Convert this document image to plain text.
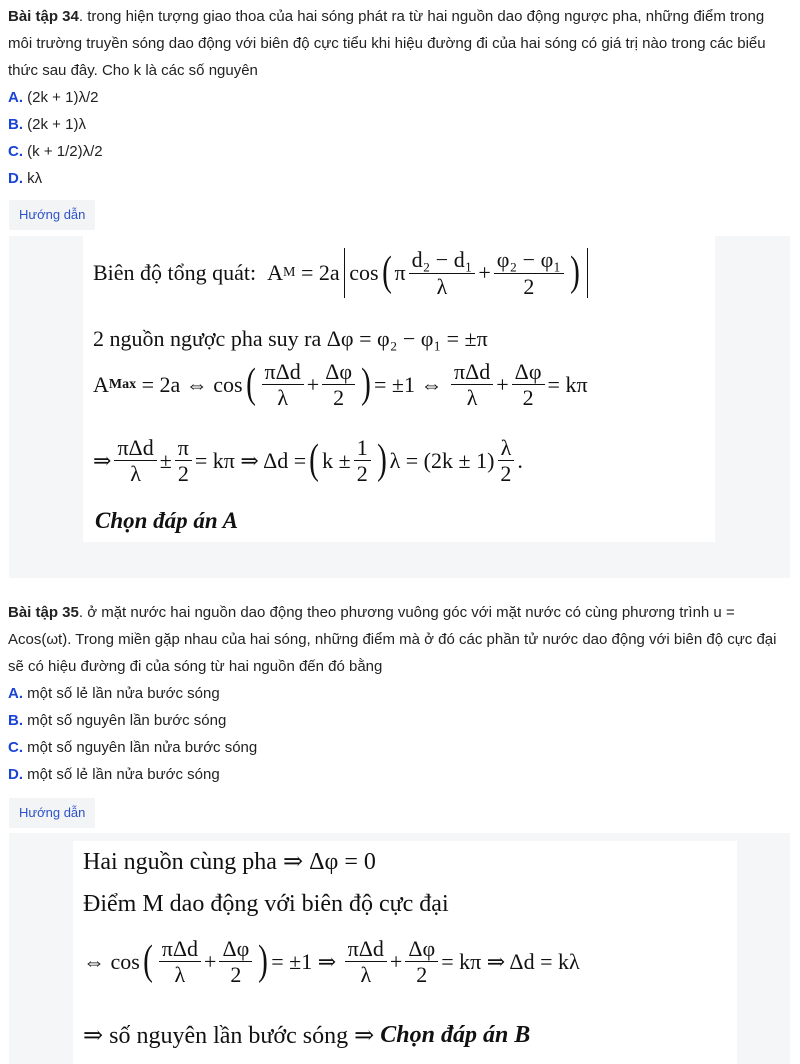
Bài tập 34. trong hiện tượng giao thoa của hai sóng phát ra từ hai nguồn dao động ngược pha, những điểm trong môi trường truyền sóng dao động với biên độ cực tiểu khi hiệu đường đi của hai sóng có giá trị nào trong các biểu thức sau đây. Cho k là các số nguyên

A. (2k + 1)λ/2

B. (2k + 1)λ

C. (k + 1/2)λ/2

D. kλ

Hướng dẫn
Biên độ tổng quát:
A M
= 2a cos ( π $\frac{\text{d₂ − d₁}}{\lambda} + \frac{\text{φ₂ − φ₁}}{2}$ )
2 nguồn ngược pha suy ra Δφ = φ₂ − φ₁ = ±π
A Max
= 2a ⇔ cos ( $\frac{\text{πΔd}}{\lambda} + \frac{\Delta\varphi}{2}$ ) = ±1 ⇔
$\frac{\text{πΔd}}{\lambda} + \frac{\Delta\varphi}{2} = k\pi$
⇒ $\frac{\text{πΔd}}{\lambda} \pm \frac{\pi}{2} = k\pi$ ⇒ Δd = ( $k \pm \frac{1}{2}$ ) $\lambda = (2k \pm 1) \frac{\lambda}{2}$ .
Chọn đáp án A

Bài tập 35. ở mặt nước hai nguồn dao động theo phương vuông góc với mặt nước có cùng phương trình u = Acos(ωt). Trong miền gặp nhau của hai sóng, những điểm mà ở đó các phần tử nước dao động với biên độ cực đại sẽ có hiệu đường đi của sóng từ hai nguồn đến đó bằng

A. một số lẻ lần nửa bước sóng

B. một số nguyên lần bước sóng

C. một số nguyên lần nửa bước sóng

D. một số lẻ lần nửa bước sóng

Hướng dẫn
Hai nguồn cùng pha ⇒ Δφ = 0
Điểm M dao động với biên độ cực đại
⇔ cos ( $\frac{\text{πΔd}}{\lambda} + \frac{\Delta\varphi}{2}$ ) = ±1 ⇒
$\frac{\text{πΔd}}{\lambda} + \frac{\Delta\varphi}{2} = k\pi$ ⇒ Δd = kλ
⇒ số nguyên lần bước sóng ⇒
Chọn đáp án B
